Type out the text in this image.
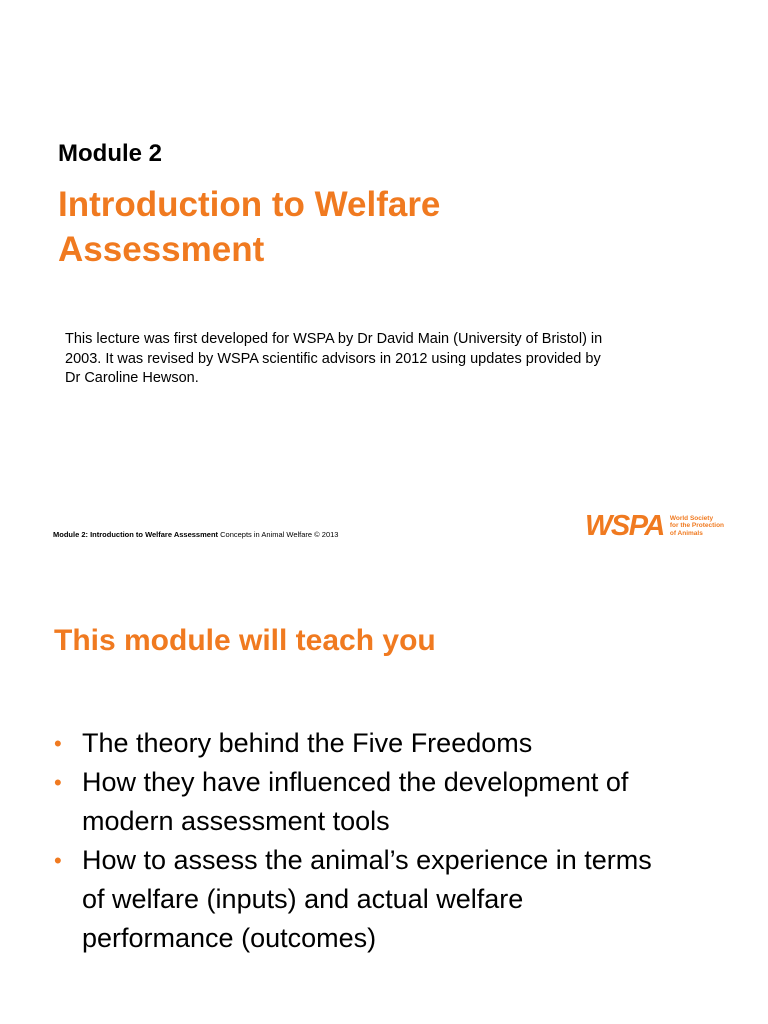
Module 2
Introduction to Welfare
Assessment
This lecture was first developed for WSPA by Dr David Main (University of Bristol) in
2003. It was revised by WSPA scientific advisors in 2012 using updates provided by
Dr Caroline Hewson.
Module 2: Introduction to Welfare Assessment Concepts in Animal Welfare © 2013	WSPA World Society
for the Protection
of Animals
This module will teach you
• The theory behind the Five Freedoms
• How they have influenced the development of
modern assessment tools
• How to assess the animal’s experience in terms
of welfare (inputs) and actual welfare
performance (outcomes)
